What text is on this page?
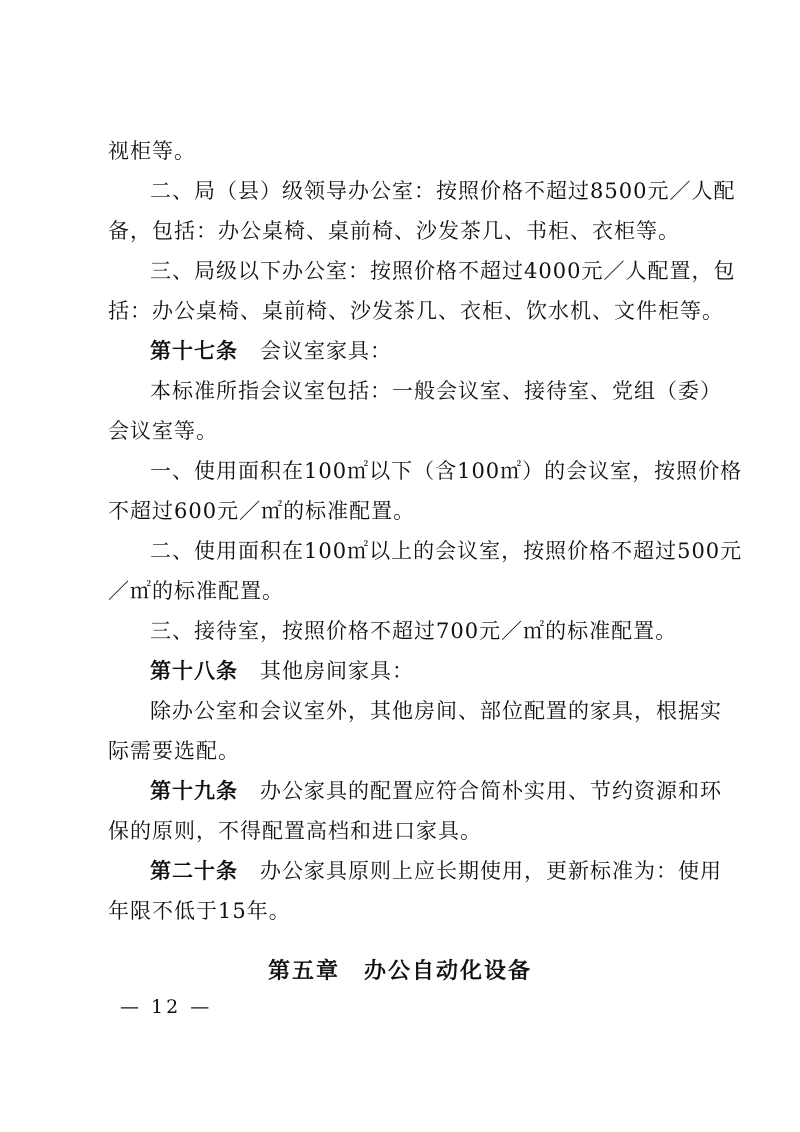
视柜等。
二、局（县）级领导办公室：按照价格不超过8500元／人配
备，包括：办公桌椅、桌前椅、沙发茶几、书柜、衣柜等。
三、局级以下办公室：按照价格不超过4000元／人配置，包
括：办公桌椅、桌前椅、沙发茶几、衣柜、饮水机、文件柜等。
第十七条　 会议室家具：
本标准所指会议室包括：一般会议室、接待室、党组（委）
会议室等。
一、使用面积在100㎡以下（含100㎡）的会议室，按照价格
不超过600元／㎡的标准配置。
二、使用面积在100㎡以上的会议室，按照价格不超过500元
／㎡的标准配置。
三、接待室，按照价格不超过700元／㎡的标准配置。
第十八条　 其他房间家具：
除办公室和会议室外，其他房间、部位配置的家具，根据实
际需要选配。
第十九条　 办公家具的配置应符合简朴实用、节约资源和环
保的原则，不得配置高档和进口家具。
第二十条　 办公家具原则上应长期使用，更新标准为：使用
年限不低于15年。
第五章　办公自动化设备
— 12 —
